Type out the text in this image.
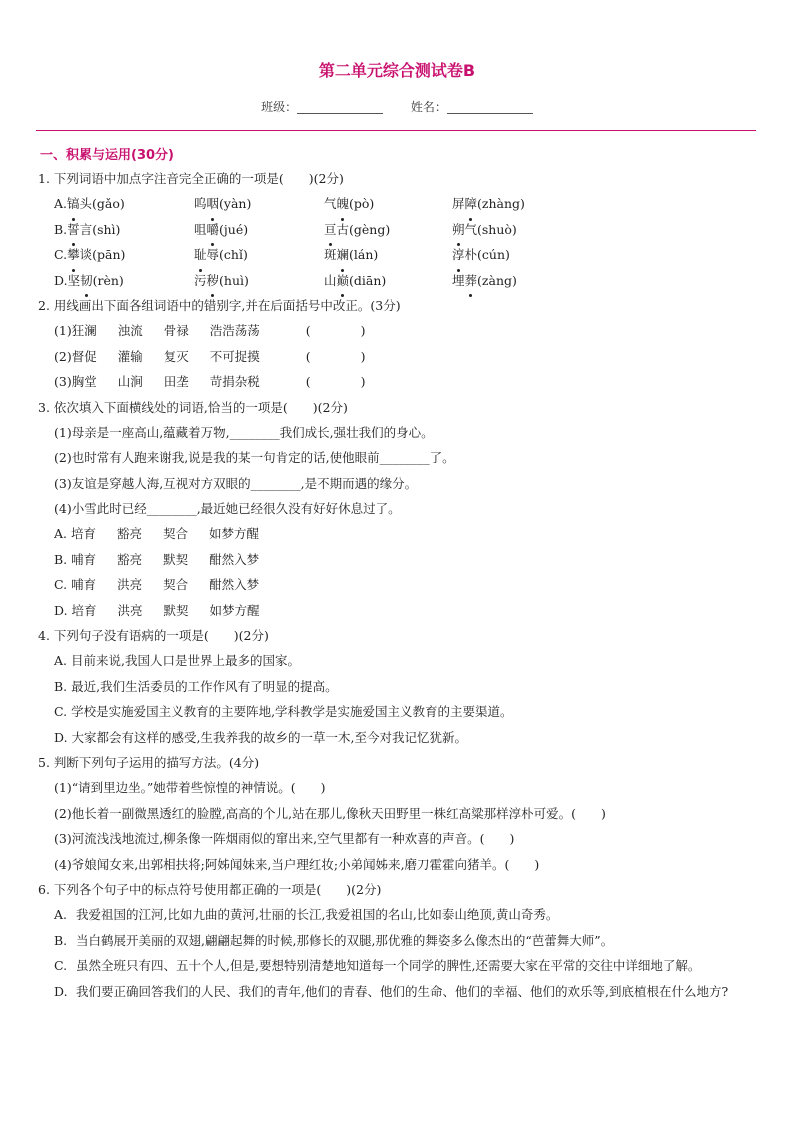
第二单元综合测试卷B
班级：	姓名：
一、积累与运用(30分)
1. 下列词语中加点字注音完全正确的一项是(　　)(2分)
A.镐头(gǎo)	呜咽(yàn)	气魄(pò)	屏障(zhàng)
B.誓言(shì)	咀嚼(jué)	亘古(gèng)	朔气(shuò)
C.攀谈(pān)	耻辱(chǐ)	斑斓(lán)	淳朴(cún)
D.坚韧(rèn)	污秽(huì)	山巅(diān)	埋葬(zàng)
2. 用线画出下面各组词语中的错别字,并在后面括号中改正。(3分)
(1)狂澜 浊流 骨禄 浩浩荡荡	(　　　　)
(2)督促 灌输 复灭 不可捉摸	(　　　　)
(3)胸堂 山涧 田垄 苛捐杂税	(　　　　)
3. 依次填入下面横线处的词语,恰当的一项是(　　)(2分)
(1)母亲是一座高山,蕴藏着万物,________我们成长,强壮我们的身心。
(2)也时常有人跑来谢我,说是我的某一句肯定的话,使他眼前________了。
(3)友谊是穿越人海,互视对方双眼的________,是不期而遇的缘分。
(4)小雪此时已经________,最近她已经很久没有好好休息过了。
A. 培育 豁亮 契合 如梦方醒
B. 哺育 豁亮 默契 酣然入梦
C. 哺育 洪亮 契合 酣然入梦
D. 培育 洪亮 默契 如梦方醒
4. 下列句子没有语病的一项是(　　)(2分)
A. 目前来说,我国人口是世界上最多的国家。
B. 最近,我们生活委员的工作作风有了明显的提高。
C. 学校是实施爱国主义教育的主要阵地,学科教学是实施爱国主义教育的主要渠道。
D. 大家都会有这样的感受,生我养我的故乡的一草一木,至今对我记忆犹新。
5. 判断下列句子运用的描写方法。(4分)
(1)“请到里边坐。”她带着些惊惶的神情说。(　　)
(2)他长着一副微黑透红的脸膛,高高的个儿,站在那儿,像秋天田野里一株红高粱那样淳朴可爱。(　　)
(3)河流浅浅地流过,柳条像一阵烟雨似的窜出来,空气里都有一种欢喜的声音。(　　)
(4)爷娘闻女来,出郭相扶将;阿姊闻妹来,当户理红妆;小弟闻姊来,磨刀霍霍向猪羊。(　　)
6. 下列各个句子中的标点符号使用都正确的一项是(　　)(2分)
A. 我爱祖国的江河,比如九曲的黄河,壮丽的长江,我爱祖国的名山,比如泰山绝顶,黄山奇秀。
B. 当白鹤展开美丽的双翅,翩翩起舞的时候,那修长的双腿,那优雅的舞姿多么像杰出的“芭蕾舞大师”。
C. 虽然全班只有四、五十个人,但是,要想特别清楚地知道每一个同学的脾性,还需要大家在平常的交往中详细地了解。
D. 我们要正确回答我们的人民、我们的青年,他们的青春、他们的生命、他们的幸福、他们的欢乐等,到底植根在什么地方?
